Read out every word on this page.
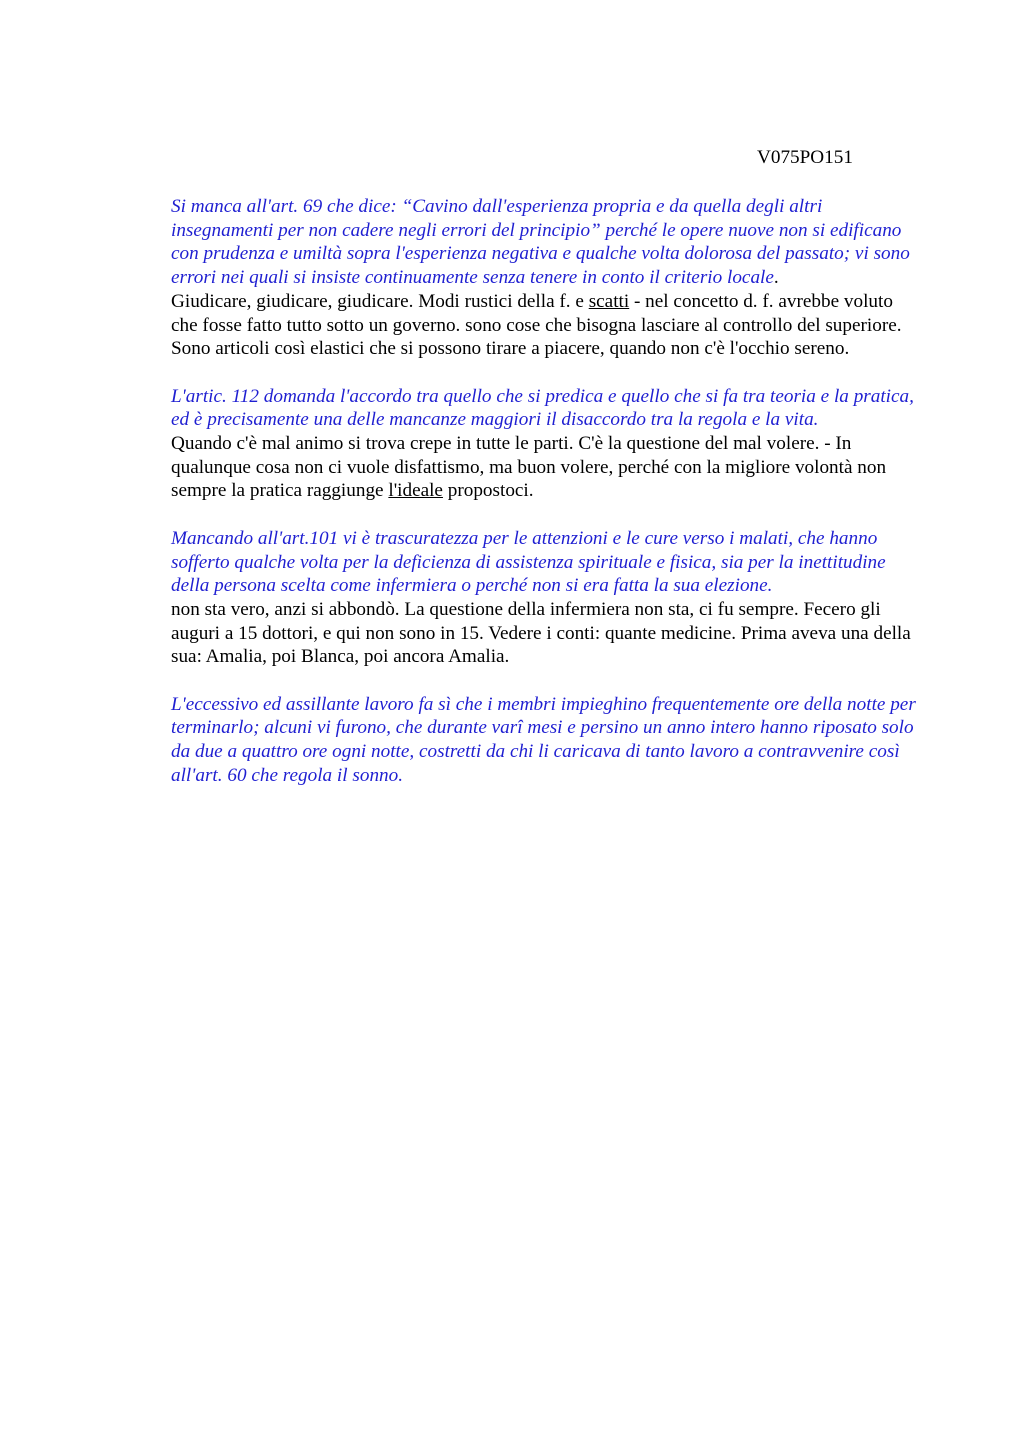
V075PO151

Si manca all'art. 69 che dice: “Cavino dall'esperienza propria e da quella degli altri insegnamenti per non cadere negli errori del principio” perché le opere nuove non si edificano con prudenza e umiltà sopra l'esperienza negativa e qualche volta dolorosa del passato; vi sono errori nei quali si insiste continuamente senza tenere in conto il criterio locale.

Giudicare, giudicare, giudicare. Modi rustici della f. e scatti - nel concetto d. f. avrebbe voluto che fosse fatto tutto sotto un governo. sono cose che bisogna lasciare al controllo del superiore. Sono articoli così elastici che si possono tirare a piacere, quando non c'è l'occhio sereno.

L'artic. 112 domanda l'accordo tra quello che si predica e quello che si fa tra teoria e la pratica, ed è precisamente una delle mancanze maggiori il disaccordo tra la regola e la vita.

Quando c'è mal animo si trova crepe in tutte le parti. C'è la questione del mal volere. - In qualunque cosa non ci vuole disfattismo, ma buon volere, perché con la migliore volontà non sempre la pratica raggiunge l'ideale propostoci.

Mancando all'art.101 vi è trascuratezza per le attenzioni e le cure verso i malati, che hanno sofferto qualche volta per la deficienza di assistenza spirituale e fisica, sia per la inettitudine della persona scelta come infermiera o perché non si era fatta la sua elezione.

non sta vero, anzi si abbondò. La questione della infermiera non sta, ci fu sempre. Fecero gli auguri a 15 dottori, e qui non sono in 15. Vedere i conti: quante medicine. Prima aveva una della sua: Amalia, poi Blanca, poi ancora Amalia.

L'eccessivo ed assillante lavoro fa sì che i membri impieghino frequentemente ore della notte per terminarlo; alcuni vi furono, che durante varî mesi e persino un anno intero hanno riposato solo da due a quattro ore ogni notte, costretti da chi li caricava di tanto lavoro a contravvenire così all'art. 60 che regola il sonno.
